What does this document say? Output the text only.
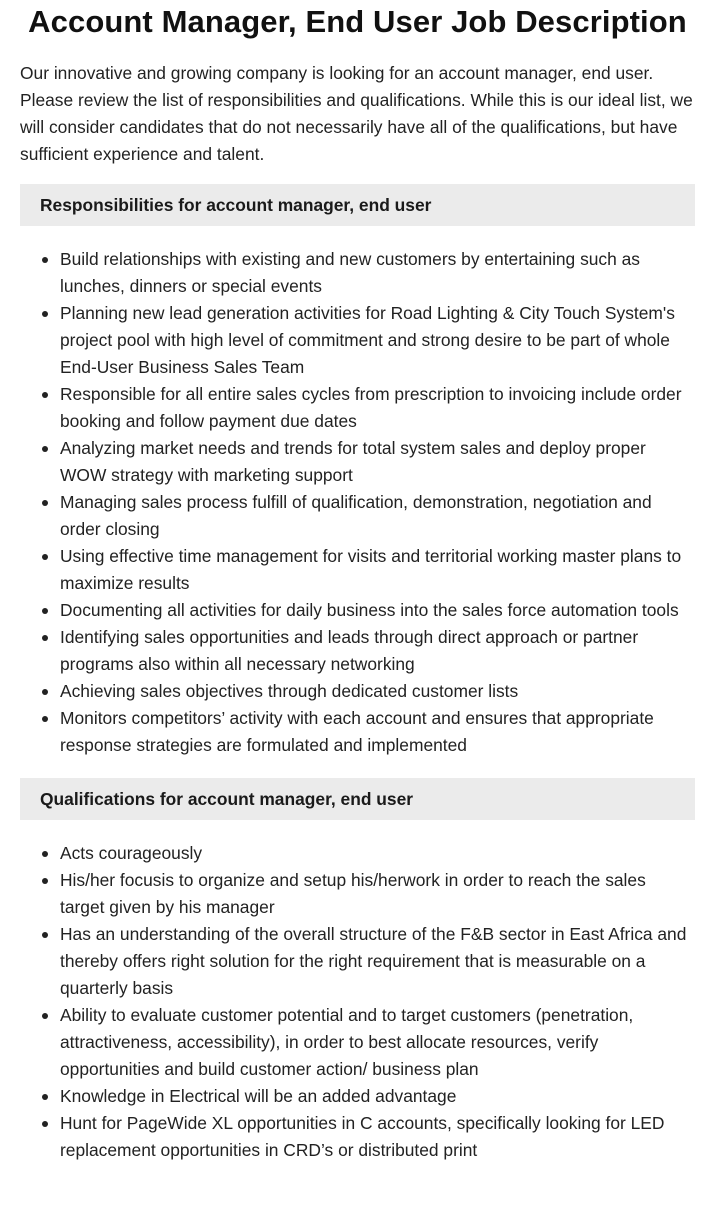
Account Manager, End User Job Description

Our innovative and growing company is looking for an account manager, end user. Please review the list of responsibilities and qualifications. While this is our ideal list, we will consider candidates that do not necessarily have all of the qualifications, but have sufficient experience and talent.

Responsibilities for account manager, end user
Build relationships with existing and new customers by entertaining such as lunches, dinners or special events
Planning new lead generation activities for Road Lighting & City Touch System's project pool with high level of commitment and strong desire to be part of whole End-User Business Sales Team
Responsible for all entire sales cycles from prescription to invoicing include order booking and follow payment due dates
Analyzing market needs and trends for total system sales and deploy proper WOW strategy with marketing support
Managing sales process fulfill of qualification, demonstration, negotiation and order closing
Using effective time management for visits and territorial working master plans to maximize results
Documenting all activities for daily business into the sales force automation tools
Identifying sales opportunities and leads through direct approach or partner programs also within all necessary networking
Achieving sales objectives through dedicated customer lists
Monitors competitors’ activity with each account and ensures that appropriate response strategies are formulated and implemented
Qualifications for account manager, end user
Acts courageously
His/her focusis to organize and setup his/herwork in order to reach the sales target given by his manager
Has an understanding of the overall structure of the F&B sector in East Africa and thereby offers right solution for the right requirement that is measurable on a quarterly basis
Ability to evaluate customer potential and to target customers (penetration, attractiveness, accessibility), in order to best allocate resources, verify opportunities and build customer action/ business plan
Knowledge in Electrical will be an added advantage
Hunt for PageWide XL opportunities in C accounts, specifically looking for LED replacement opportunities in CRD’s or distributed print
